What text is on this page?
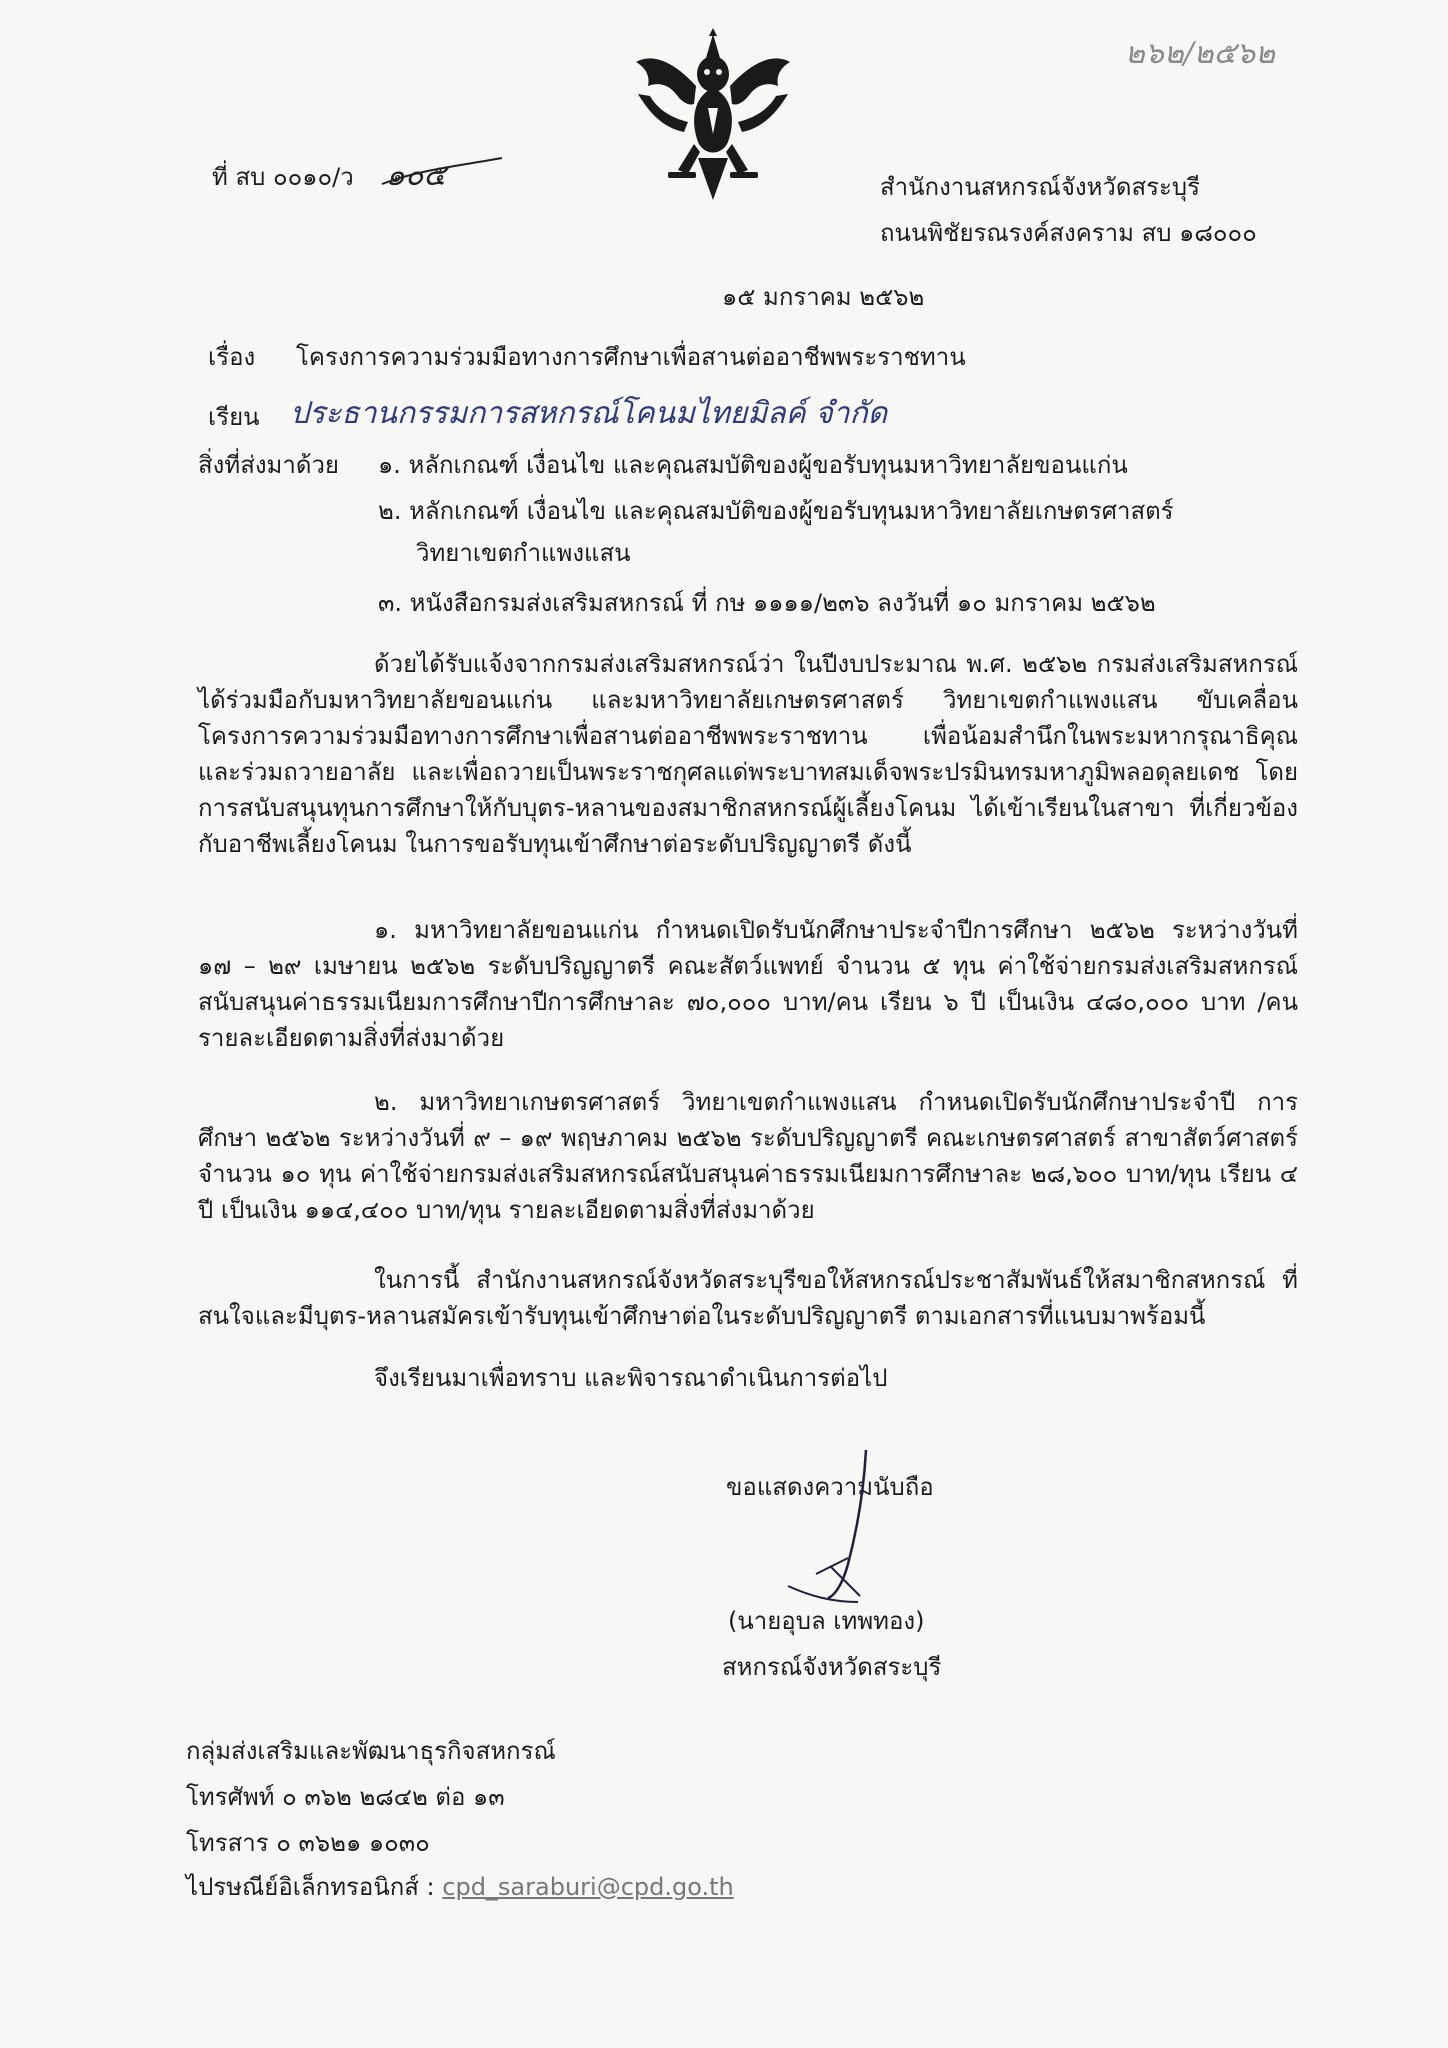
๒๖๒/๒๕๖๒
ที่ สบ ๐๐๑๐/ว ๑๐๕	สำนักงานสหกรณ์จังหวัดสระบุรี
ถนนพิชัยรณรงค์สงคราม สบ ๑๘๐๐๐
๑๕ มกราคม ๒๕๖๒
เรื่อง โครงการความร่วมมือทางการศึกษาเพื่อสานต่ออาชีพพระราชทาน
เรียน ประธานกรรมการสหกรณ์โคนมไทยมิลค์ จำกัด
สิ่งที่ส่งมาด้วย ๑. หลักเกณฑ์ เงื่อนไข และคุณสมบัติของผู้ขอรับทุนมหาวิทยาลัยขอนแก่น
๒. หลักเกณฑ์ เงื่อนไข และคุณสมบัติของผู้ขอรับทุนมหาวิทยาลัยเกษตรศาสตร์
วิทยาเขตกำแพงแสน
๓. หนังสือกรมส่งเสริมสหกรณ์ ที่ กษ ๑๑๑๑/๒๓๖ ลงวันที่ ๑๐ มกราคม ๒๕๖๒

ด้วยได้รับแจ้งจากกรมส่งเสริมสหกรณ์ว่า ในปีงบประมาณ พ.ศ. ๒๕๖๒ กรมส่งเสริมสหกรณ์ ได้ร่วมมือกับมหาวิทยาลัยขอนแก่น และมหาวิทยาลัยเกษตรศาสตร์ วิทยาเขตกำแพงแสน ขับเคลื่อน โครงการความร่วมมือทางการศึกษาเพื่อสานต่ออาชีพพระราชทาน เพื่อน้อมสำนึกในพระมหากรุณาธิคุณ และร่วมถวายอาลัย และเพื่อถวายเป็นพระราชกุศลแด่พระบาทสมเด็จพระปรมินทรมหาภูมิพลอดุลยเดช โดยการสนับสนุนทุนการศึกษาให้กับบุตร-หลานของสมาชิกสหกรณ์ผู้เลี้ยงโคนม ได้เข้าเรียนในสาขา ที่เกี่ยวข้องกับอาชีพเลี้ยงโคนม ในการขอรับทุนเข้าศึกษาต่อระดับปริญญาตรี ดังนี้

๑. มหาวิทยาลัยขอนแก่น กำหนดเปิดรับนักศึกษาประจำปีการศึกษา ๒๕๖๒ ระหว่างวันที่ ๑๗ – ๒๙ เมษายน ๒๕๖๒ ระดับปริญญาตรี คณะสัตว์แพทย์ จำนวน ๕ ทุน ค่าใช้จ่ายกรมส่งเสริมสหกรณ์ สนับสนุนค่าธรรมเนียมการศึกษาปีการศึกษาละ ๗๐,๐๐๐ บาท/คน เรียน ๖ ปี เป็นเงิน ๔๘๐,๐๐๐ บาท /คน รายละเอียดตามสิ่งที่ส่งมาด้วย

๒. มหาวิทยาเกษตรศาสตร์ วิทยาเขตกำแพงแสน กำหนดเปิดรับนักศึกษาประจำปี การศึกษา ๒๕๖๒ ระหว่างวันที่ ๙ – ๑๙ พฤษภาคม ๒๕๖๒ ระดับปริญญาตรี คณะเกษตรศาสตร์ สาขาสัตว์ศาสตร์ จำนวน ๑๐ ทุน ค่าใช้จ่ายกรมส่งเสริมสหกรณ์สนับสนุนค่าธรรมเนียมการศึกษาละ ๒๘,๖๐๐ บาท/ทุน เรียน ๔ ปี เป็นเงิน ๑๑๔,๔๐๐ บาท/ทุน รายละเอียดตามสิ่งที่ส่งมาด้วย

ในการนี้ สำนักงานสหกรณ์จังหวัดสระบุรีขอให้สหกรณ์ประชาสัมพันธ์ให้สมาชิกสหกรณ์ ที่สนใจและมีบุตร-หลานสมัครเข้ารับทุนเข้าศึกษาต่อในระดับปริญญาตรี ตามเอกสารที่แนบมาพร้อมนี้

จึงเรียนมาเพื่อทราบ และพิจารณาดำเนินการต่อไป

ขอแสดงความนับถือ
(นายอุบล เทพทอง)
สหกรณ์จังหวัดสระบุรี
กลุ่มส่งเสริมและพัฒนาธุรกิจสหกรณ์
โทรศัพท์ ๐ ๓๖๒ ๒๘๔๒ ต่อ ๑๓
โทรสาร ๐ ๓๖๒๑ ๑๐๓๐
ไปรษณีย์อิเล็กทรอนิกส์ : cpd_saraburi@cpd.go.th
